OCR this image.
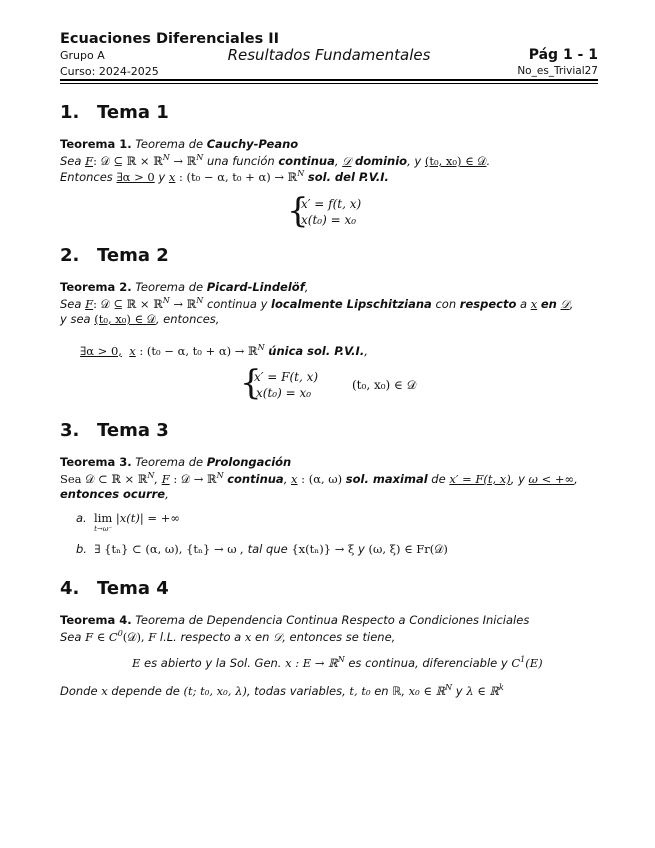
Ecuaciones Diferenciales II
Grupo A
Curso: 2024-2025
Resultados Fundamentales	Pág 1 - 1
No_es_Trivial27
1. Tema 1
Teorema 1. Teorema de Cauchy-Peano
Sea F: 𝒟 ⊆ ℝ × ℝ$^N$ → ℝ$^N$ una función continua, 𝒟 dominio, y (t₀, x₀) ∈ 𝒟.
Entonces ∃α > 0 y x : (t₀ − α, t₀ + α) → ℝ$^N$ sol. del P.V.I.
{
x′ = f(t, x)
x(t₀) = x₀
2. Tema 2
Teorema 2. Teorema de Picard-Lindelöf,
Sea F: 𝒟 ⊆ ℝ × ℝ$^N$ → ℝ$^N$ continua y localmente Lipschitziana con respecto a x en 𝒟,
y sea (t₀, x₀) ∈ 𝒟, entonces,
∃α > 0, x : (t₀ − α, t₀ + α) → ℝ$^N$ única sol. P.V.I.,
{
x′ = F(t, x)
x(t₀) = x₀
(t₀, x₀) ∈ 𝒟
3. Tema 3
Teorema 3. Teorema de Prolongación
Sea 𝒟 ⊂ ℝ × ℝ$^N$, F : 𝒟 → ℝ$^N$ continua, x : (α, ω) sol. maximal de x′ = F(t, x), y ω < +∞,
entonces ocurre,
a. lim
$^{t\to\omega^-}$ |x(t)| = +∞
b. ∃ {tₙ} ⊂ (α, ω), {tₙ} → ω , tal que {x(tₙ)} → ξ y (ω, ξ) ∈ Fr(𝒟)
4. Tema 4
Teorema 4. Teorema de Dependencia Continua Respecto a Condiciones Iniciales
Sea F ∈ $C^0(𝒟)$, F l.L. respecto a x en 𝒟, entonces se tiene,
E es abierto y la Sol. Gen. x : E → ℝ$^N$ es continua, diferenciable y $C^1(E)$
Donde x depende de (t; t₀, x₀, λ), todas variables, t, t₀ en ℝ, x₀ ∈ ℝ$^N$ y λ ∈ ℝ$^k$
